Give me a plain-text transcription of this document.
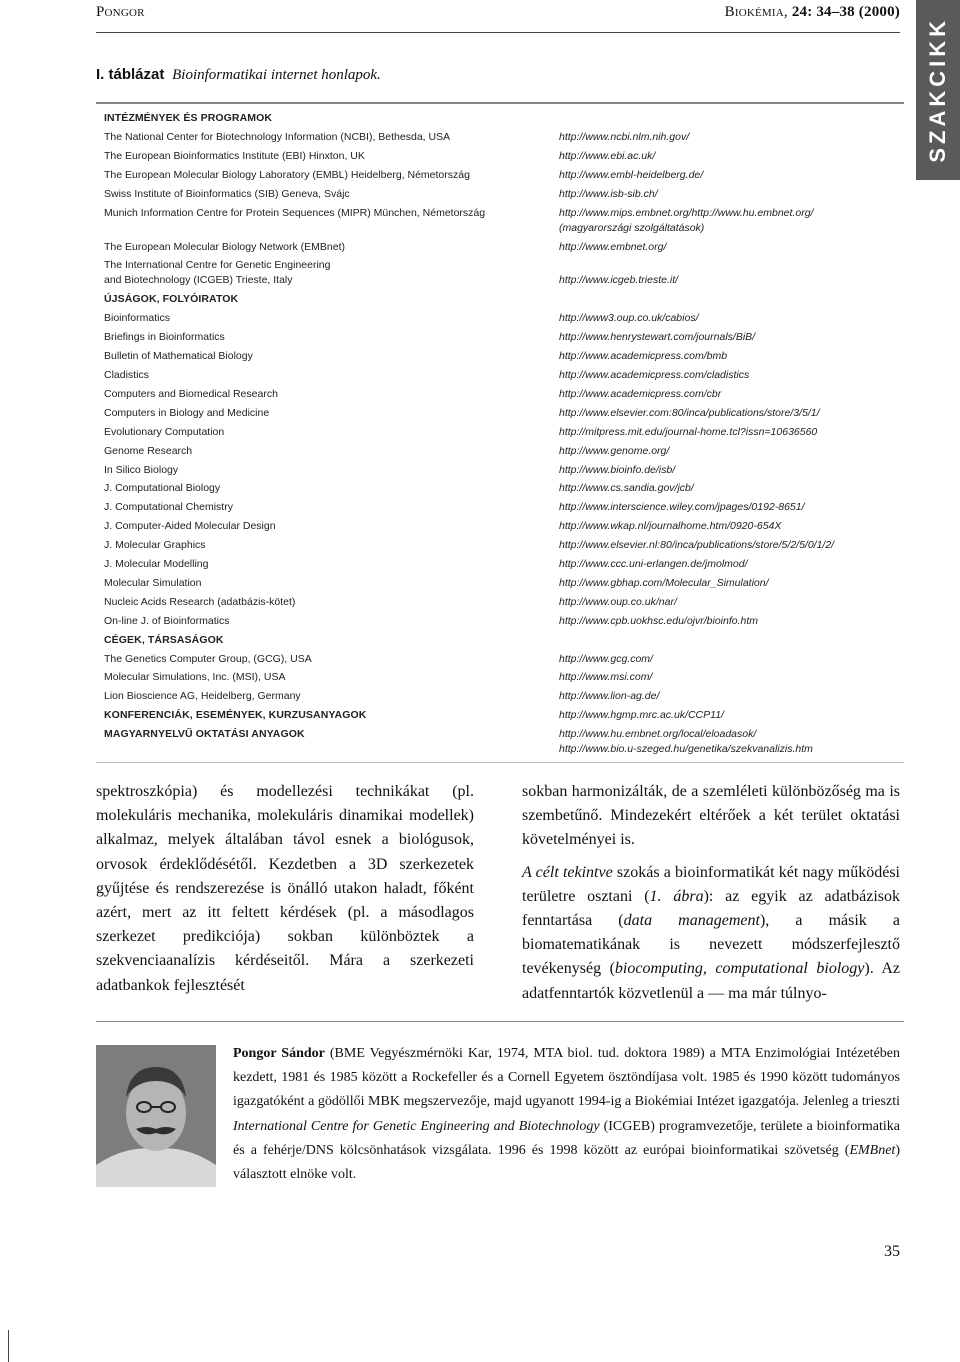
Pongor	Biokémia, 24: 34–38 (2000)
SZAKCIKK
I. táblázat Bioinformatikai internet honlapok.
INTÉZMÉNYEK ÉS PROGRAMOK
The National Center for Biotechnology Information (NCBI), Bethesda, USA	http://www.ncbi.nlm.nih.gov/
The European Bioinformatics Institute (EBI) Hinxton, UK	http://www.ebi.ac.uk/
The European Molecular Biology Laboratory (EMBL) Heidelberg, Németország	http://www.embl-heidelberg.de/
Swiss Institute of Bioinformatics (SIB) Geneva, Svájc	http://www.isb-sib.ch/
Munich Information Centre for Protein Sequences (MIPR) München, Németország	http://www.mips.embnet.org/http://www.hu.embnet.org/
(magyarországi szolgáltatások)
The European Molecular Biology Network (EMBnet)	http://www.embnet.org/
The International Centre for Genetic Engineering
and Biotechnology (ICGEB) Trieste, Italy	http://www.icgeb.trieste.it/
ÚJSÁGOK, FOLYÓIRATOK
Bioinformatics	http://www3.oup.co.uk/cabios/
Briefings in Bioinformatics	http://www.henrystewart.com/journals/BiB/
Bulletin of Mathematical Biology	http://www.academicpress.com/bmb
Cladistics	http://www.academicpress.com/cladistics
Computers and Biomedical Research	http://www.academicpress.com/cbr
Computers in Biology and Medicine	http://www.elsevier.com:80/inca/publications/store/3/5/1/
Evolutionary Computation	http://mitpress.mit.edu/journal-home.tcl?issn=10636560
Genome Research	http://www.genome.org/
In Silico Biology	http://www.bioinfo.de/isb/
J. Computational Biology	http://www.cs.sandia.gov/jcb/
J. Computational Chemistry	http://www.interscience.wiley.com/jpages/0192-8651/
J. Computer-Aided Molecular Design	http://www.wkap.nl/journalhome.htm/0920-654X
J. Molecular Graphics	http://www.elsevier.nl:80/inca/publications/store/5/2/5/0/1/2/
J. Molecular Modelling	http://www.ccc.uni-erlangen.de/jmolmod/
Molecular Simulation	http://www.gbhap.com/Molecular_Simulation/
Nucleic Acids Research (adatbázis-kötet)	http://www.oup.co.uk/nar/
On-line J. of Bioinformatics	http://www.cpb.uokhsc.edu/ojvr/bioinfo.htm
CÉGEK, TÁRSASÁGOK
The Genetics Computer Group, (GCG), USA	http://www.gcg.com/
Molecular Simulations, Inc. (MSI), USA	http://www.msi.com/
Lion Bioscience AG, Heidelberg, Germany	http://www.lion-ag.de/
KONFERENCIÁK, ESEMÉNYEK, KURZUSANYAGOK	http://www.hgmp.mrc.ac.uk/CCP11/
MAGYARNYELVŰ OKTATÁSI ANYAGOK	http://www.hu.embnet.org/local/eloadasok/
http://www.bio.u-szeged.hu/genetika/szekvanalizis.htm

spektroszkópia) és modellezési technikákat (pl. molekuláris mechanika, molekuláris dinamikai modellek) alkalmaz, melyek általában távol esnek a biológusok, orvosok érdeklődésétől. Kezdetben a 3D szerkezetek gyűjtése és rendszerezése is önálló utakon haladt, főként azért, mert az itt feltett kérdések (pl. a másodlagos szerkezet predikciója) sokban különböztek a szekvenciaanalízis kérdéseitől. Mára a szerkezeti adatbankok fejlesztését

sokban harmonizálták, de a szemléleti különbözőség ma is szembetűnő. Mindezekért eltérőek a két terület oktatási követelményei is.

A célt tekintve szokás a bioinformatikát két nagy működési területre osztani (1. ábra): az egyik az adatbázisok fenntartása (data management), a másik a biomatematikának is nevezett módszerfejlesztő tevékenység (biocomputing, computational biology). Az adatfenntartók közvetlenül a — ma már túlnyo-

Pongor Sándor (BME Vegyészmérnöki Kar, 1974, MTA biol. tud. doktora 1989) a MTA Enzimológiai Intézetében kezdett, 1981 és 1985 között a Rockefeller és a Cornell Egyetem ösztöndíjasa volt. 1985 és 1990 között tudományos igazgatóként a gödöllői MBK megszervezője, majd ugyanott 1994-ig a Biokémiai Intézet igazgatója. Jelenleg a trieszti International Centre for Genetic Engineering and Biotechnology (ICGEB) programvezetője, területe a bioinformatika és a fehérje/DNS kölcsönhatások vizsgálata. 1996 és 1998 között az európai bioinformatikai szövetség (EMBnet) választott elnöke volt.
35
